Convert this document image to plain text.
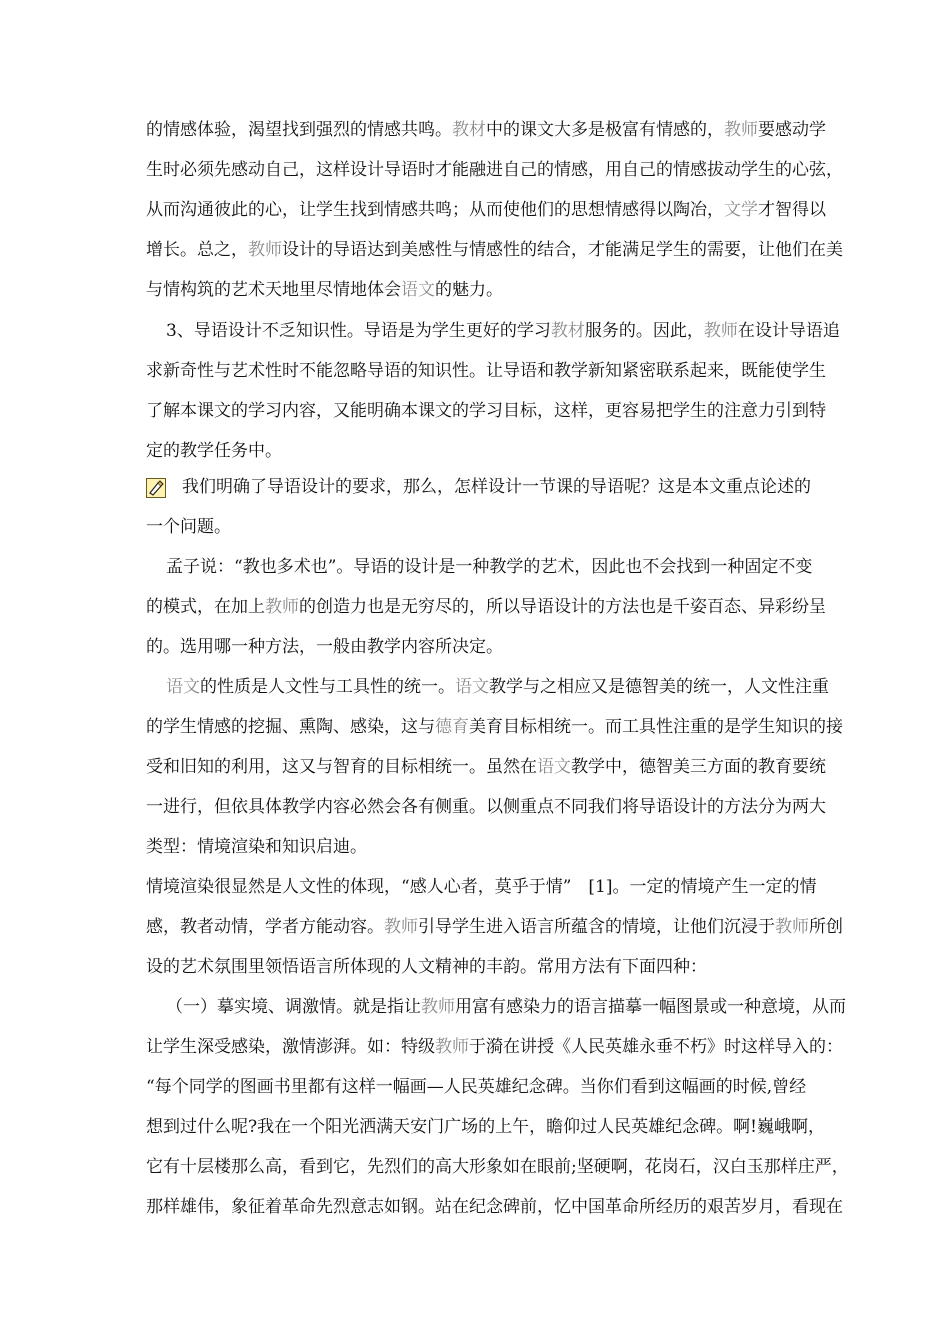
的情感体验，渴望找到强烈的情感共鸣。教材中的课文大多是极富有情感的，教师要感动学
生时必须先感动自己，这样设计导语时才能融进自己的情感，用自己的情感拔动学生的心弦，
从而沟通彼此的心，让学生找到情感共鸣；从而使他们的思想情感得以陶冶，文学才智得以
增长。总之，教师设计的导语达到美感性与情感性的结合，才能满足学生的需要，让他们在美
与情构筑的艺术天地里尽情地体会语文的魅力。
3、导语设计不乏知识性。导语是为学生更好的学习教材服务的。因此，教师在设计导语追
求新奇性与艺术性时不能忽略导语的知识性。让导语和教学新知紧密联系起来，既能使学生
了解本课文的学习内容，又能明确本课文的学习目标，这样，更容易把学生的注意力引到特
定的教学任务中。
我们明确了导语设计的要求，那么，怎样设计一节课的导语呢？这是本文重点论述的
一个问题。
孟子说：“教也多术也”。导语的设计是一种教学的艺术，因此也不会找到一种固定不变
的模式，在加上教师的创造力也是无穷尽的，所以导语设计的方法也是千姿百态、异彩纷呈
的。选用哪一种方法，一般由教学内容所决定。
语文的性质是人文性与工具性的统一。语文教学与之相应又是德智美的统一，人文性注重
的学生情感的挖掘、熏陶、感染，这与德育美育目标相统一。而工具性注重的是学生知识的接
受和旧知的利用，这又与智育的目标相统一。虽然在语文教学中，德智美三方面的教育要统
一进行，但依具体教学内容必然会各有侧重。以侧重点不同我们将导语设计的方法分为两大
类型：情境渲染和知识启迪。
情境渲染很显然是人文性的体现，“感人心者，莫乎于情”　[1]。一定的情境产生一定的情
感，教者动情，学者方能动容。教师引导学生进入语言所蕴含的情境，让他们沉浸于教师所创
设的艺术氛围里领悟语言所体现的人文精神的丰韵。常用方法有下面四种：
（一）摹实境、调激情。就是指让教师用富有感染力的语言描摹一幅图景或一种意境，从而
让学生深受感染，激情澎湃。如：特级教师于漪在讲授《人民英雄永垂不朽》时这样导入的：
“每个同学的图画书里都有这样一幅画—人民英雄纪念碑。当你们看到这幅画的时候,曾经
想到过什么呢?我在一个阳光洒满天安门广场的上午，瞻仰过人民英雄纪念碑。啊!巍峨啊，
它有十层楼那么高，看到它，先烈们的高大形象如在眼前;坚硬啊，花岗石，汉白玉那样庄严，
那样雄伟，象征着革命先烈意志如钢。站在纪念碑前，忆中国革命所经历的艰苦岁月，看现在
